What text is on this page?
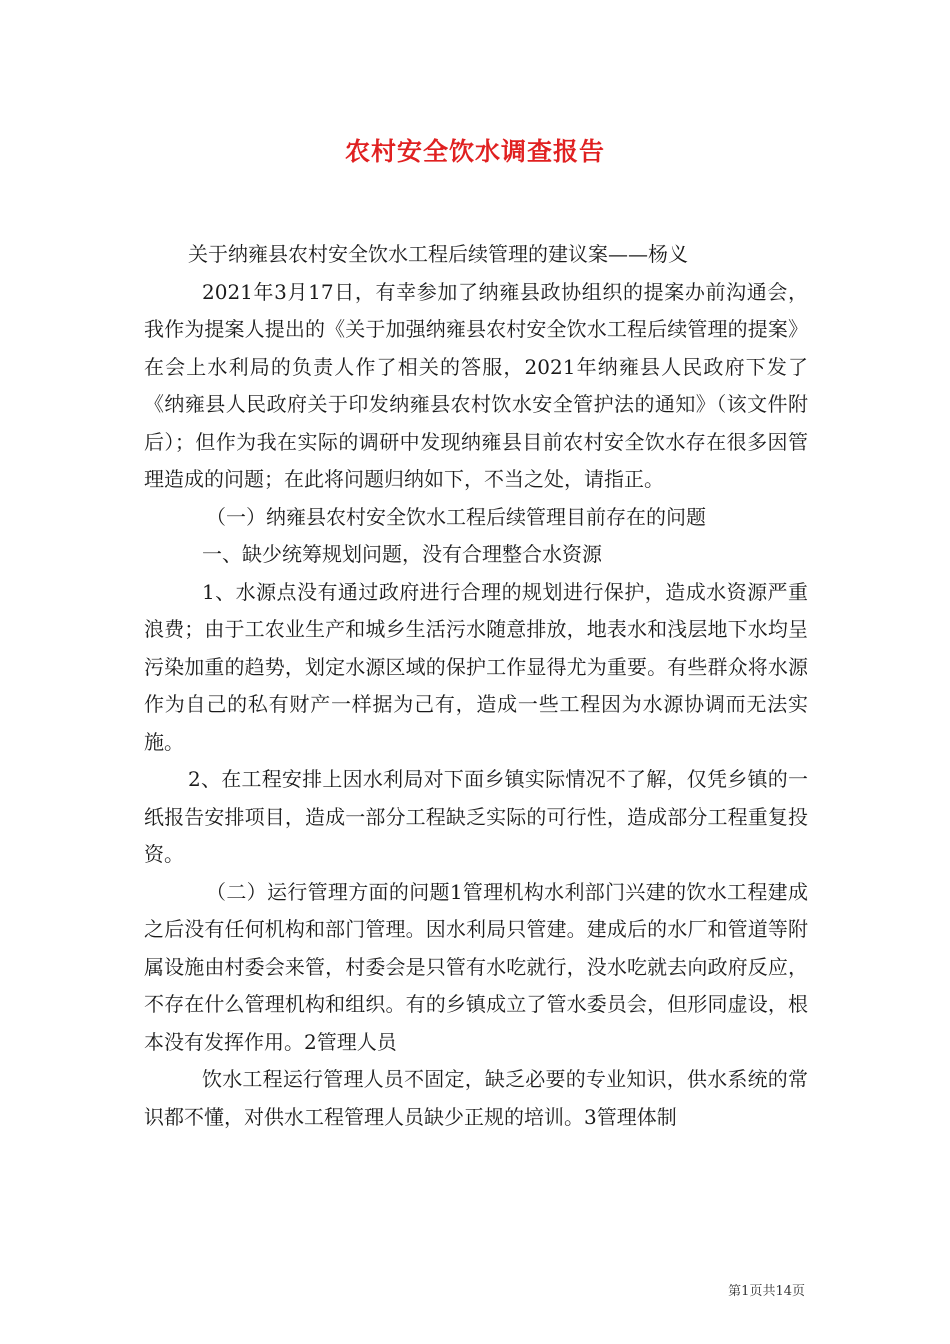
农村安全饮水调查报告

关于纳雍县农村安全饮水工程后续管理的建议案——杨义

2021年3月17日，有幸参加了纳雍县政协组织的提案办前沟通会，我作为提案人提出的《关于加强纳雍县农村安全饮水工程后续管理的提案》在会上水利局的负责人作了相关的答服，2021年纳雍县人民政府下发了《纳雍县人民政府关于印发纳雍县农村饮水安全管护法的通知》（该文件附后）；但作为我在实际的调研中发现纳雍县目前农村安全饮水存在很多因管理造成的问题；在此将问题归纳如下，不当之处，请指正。

（一）纳雍县农村安全饮水工程后续管理目前存在的问题

一、缺少统筹规划问题，没有合理整合水资源

1、水源点没有通过政府进行合理的规划进行保护，造成水资源严重浪费；由于工农业生产和城乡生活污水随意排放，地表水和浅层地下水均呈污染加重的趋势，划定水源区域的保护工作显得尤为重要。有些群众将水源作为自己的私有财产一样据为己有，造成一些工程因为水源协调而无法实施。

2、在工程安排上因水利局对下面乡镇实际情况不了解，仅凭乡镇的一纸报告安排项目，造成一部分工程缺乏实际的可行性，造成部分工程重复投资。

（二）运行管理方面的问题1管理机构水利部门兴建的饮水工程建成之后没有任何机构和部门管理。因水利局只管建。建成后的水厂和管道等附属设施由村委会来管，村委会是只管有水吃就行，没水吃就去向政府反应，不存在什么管理机构和组织。有的乡镇成立了管水委员会，但形同虚设，根本没有发挥作用。2管理人员

饮水工程运行管理人员不固定，缺乏必要的专业知识，供水系统的常识都不懂，对供水工程管理人员缺少正规的培训。3管理体制

第1页共14页
